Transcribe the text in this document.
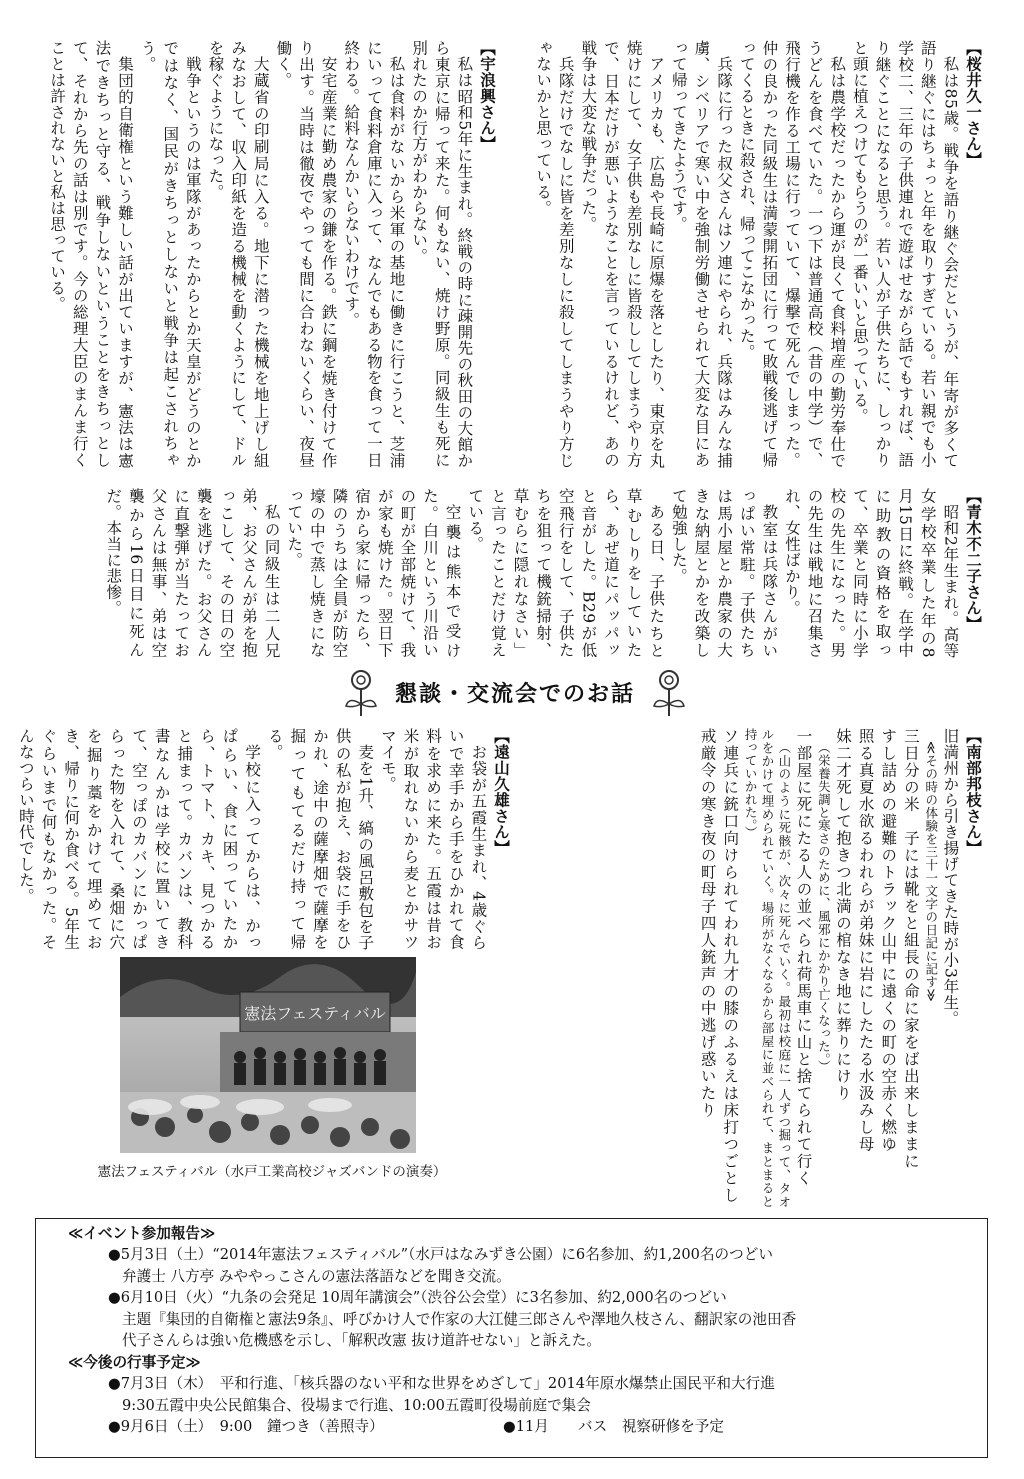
【桜井久一さん】

私は85歳。戦争を語り継ぐ会だというが、年寄が多くて語り継ぐにはちょっと年を取りすぎている。若い親でも小学校二、三年の子供連れで遊ばせながら話でもすれば、語り継ぐことになると思う。若い人が子供たちに、しっかりと頭に植えつけてもらうのが一番いいと思っている。

私は農学校だったから運が良くて食料増産の勤労奉仕でうどんを食べていた。一つ下は普通高校（昔の中学）で、飛行機を作る工場に行っていて、爆撃で死んでしまった。仲の良かった同級生は満蒙開拓団に行って敗戦後逃げて帰ってくるときに殺され、帰ってこなかった。

兵隊に行った叔父さんはソ連にやられ、兵隊はみんな捕虜、シベリアで寒い中を強制労働させられて大変な目にあって帰ってきたようです。

アメリカも、広島や長崎に原爆を落としたり、東京を丸焼けにして、女子供も差別なしに皆殺ししてしまうやり方で、日本だけが悪いようなことを言っているけれど、あの戦争は大変な戦争だった。

兵隊だけでなしに皆を差別なしに殺してしまうやり方じゃないかと思っている。

【宇浪興さん】

私は昭和5年に生まれ。終戦の時に疎開先の秋田の大館から東京に帰って来た。何もない、焼け野原。同級生も死に別れたのか行方がわからない。

私は食料がないから米軍の基地に働きに行こうと、芝浦にいって食料倉庫に入って、なんでもある物を食って一日終わる。給料なんかいらないわけです。

安宅産業に勤め農家の鎌を作る。鉄に鋼を焼き付けて作り出す。当時は徹夜でやっても間に合わないくらい、夜昼働く。

大蔵省の印刷局に入る。地下に潜った機械を地上げし組みなおして、収入印紙を造る機械を動くようにして、ドルを稼ぐようになった。

戦争というのは軍隊があったからとか天皇がどうのとかではなく、国民がきちっとしないと戦争は起こされちゃう。

集団的自衛権という難しい話が出ていますが、憲法は憲法できちっと守る、戦争しないということをきちっとして、それから先の話は別です。今の総理大臣のまんま行くことは許されないと私は思っている。

【青木不二子さん】

昭和2年生まれ。高等女学校卒業した年の8月15日に終戦。在学中に助教の資格を取って、卒業と同時に小学校の先生になった。男の先生は戦地に召集され、女性ばかり。

教室は兵隊さんがいっぱい常駐。子供たちは馬小屋とか農家の大きな納屋とかを改築して勉強した。

ある日、子供たちと草むしりをしていたら、あぜ道にパッパッと音がした。B29が低空飛行をして、子供たちを狙って機銃掃射、草むらに隠れなさい」と言ったことだけ覚えている。

空襲は熊本で受けた。白川という川沿いの町が全部焼けて、我が家も焼けた。翌日下宿から家に帰ったら、隣のうちは全員が防空壕の中で蒸し焼きになっていた。

私の同級生は二人兄弟、お父さんが弟を抱っこして、その日の空襲を逃げた。お父さんに直撃弾が当たってお父さんは無事、弟は空襲から16日目に死んだ。本当に悲惨。

懇談・交流会でのお話
【南部邦枝さん】

旧満州から引き揚げてきた時が小3年生。

≪その時の体験を三十一文字の日記に記す≫

三日分の米　子には靴をと組長の命に家をば出来しままに

すし詰めの避難のトラック山中に遠くの町の空赤く燃ゆ

照る真夏水欲るわれらが弟妹に岩にしたたる水汲みし母

妹二才死して抱きつ北満の棺なき地に葬りにけり

（栄養失調と寒さのために、風邪にかかり亡くなった。）

一部屋に死にたる人の並べられ荷馬車に山と捨てられて行く

（山のように死骸が、次々に死んでいく。最初は校庭に一人ずつ掘って、タオルをかけて埋められていく。場所がなくなるから部屋に並べられて、まとまると持っていかれた。）

ソ連兵に銃口向けられてわれ九才の膝のふるえは床打つごとし

戒厳令の寒き夜の町母子四人銃声の中逃げ惑いたり

【遠山久雄さん】

お袋が五霞生まれ、4歳ぐらいで幸手から手をひかれて食料を求めに来た。五霞は昔お米が取れないから麦とかサツマイモ。

麦を1升、縞の風呂敷包を子供の私が抱え、お袋に手をひかれ、途中の薩摩畑で薩摩を掘ってもてるだけ持って帰る。

学校に入ってからは、かっぱらい、食に困っていたから、トマト、カキ、見つかると捕まって。カバンは、教科書なんかは学校に置いてきて、空っぽのカバンにかっぱらった物を入れて、桑畑に穴を掘り藁をかけて埋めておき、帰りに何か食べる。5年生ぐらいまで何もなかった。そんなつらい時代でした。

憲法フェスティバル
憲法フェスティバル（水戸工業高校ジャズバンドの演奏）
≪イベント参加報告≫
●5月3日（土）“2014年憲法フェスティバル”（水戸はなみずき公園）に6名参加、約1,200名のつどい
弁護士 八方亭 みややっこさんの憲法落語などを聞き交流。
●6月10日（火）“九条の会発足 10周年講演会”（渋谷公会堂）に3名参加、約2,000名のつどい
主題『集団的自衛権と憲法9条』、呼びかけ人で作家の大江健三郎さんや澤地久枝さん、翻訳家の池田香
代子さんらは強い危機感を示し、「解釈改憲 抜け道許せない」と訴えた。
≪今後の行事予定≫
●7月3日（木）　平和行進、「核兵器のない平和な世界をめざして」2014年原水爆禁止国民平和大行進
9:30五霞中央公民館集合、役場まで行進、10:00五霞町役場前庭で集会
●9月6日（土）　9:00　鐘つき（善照寺）	●11月　　バス　視察研修を予定
